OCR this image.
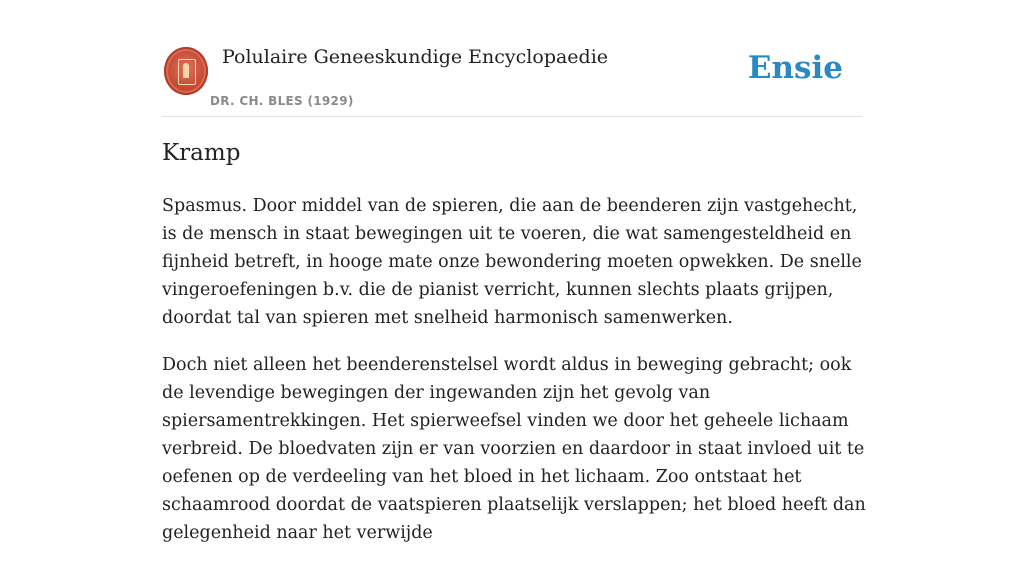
Polulaire Geneeskundige Encyclopaedie
DR. CH. BLES (1929)
Ensie
Kramp

Spasmus. Door middel van de spieren, die aan de beenderen zijn vastgehecht, is de mensch in staat bewegingen uit te voeren, die wat samengesteldheid en fijnheid betreft, in hooge mate onze bewondering moeten opwekken. De snelle vingeroefeningen b.v. die de pianist verricht, kunnen slechts plaats grijpen, doordat tal van spieren met snelheid harmonisch samenwerken.

Doch niet alleen het beenderenstelsel wordt aldus in beweging gebracht; ook de levendige bewegingen der ingewanden zijn het gevolg van spiersamentrekkingen. Het spierweefsel vinden we door het geheele lichaam verbreid. De bloedvaten zijn er van voorzien en daardoor in staat invloed uit te oefenen op de verdeeling van het bloed in het lichaam. Zoo ontstaat het schaamrood doordat de vaatspieren plaatselijk verslappen; het bloed heeft dan gelegenheid naar het verwijde
